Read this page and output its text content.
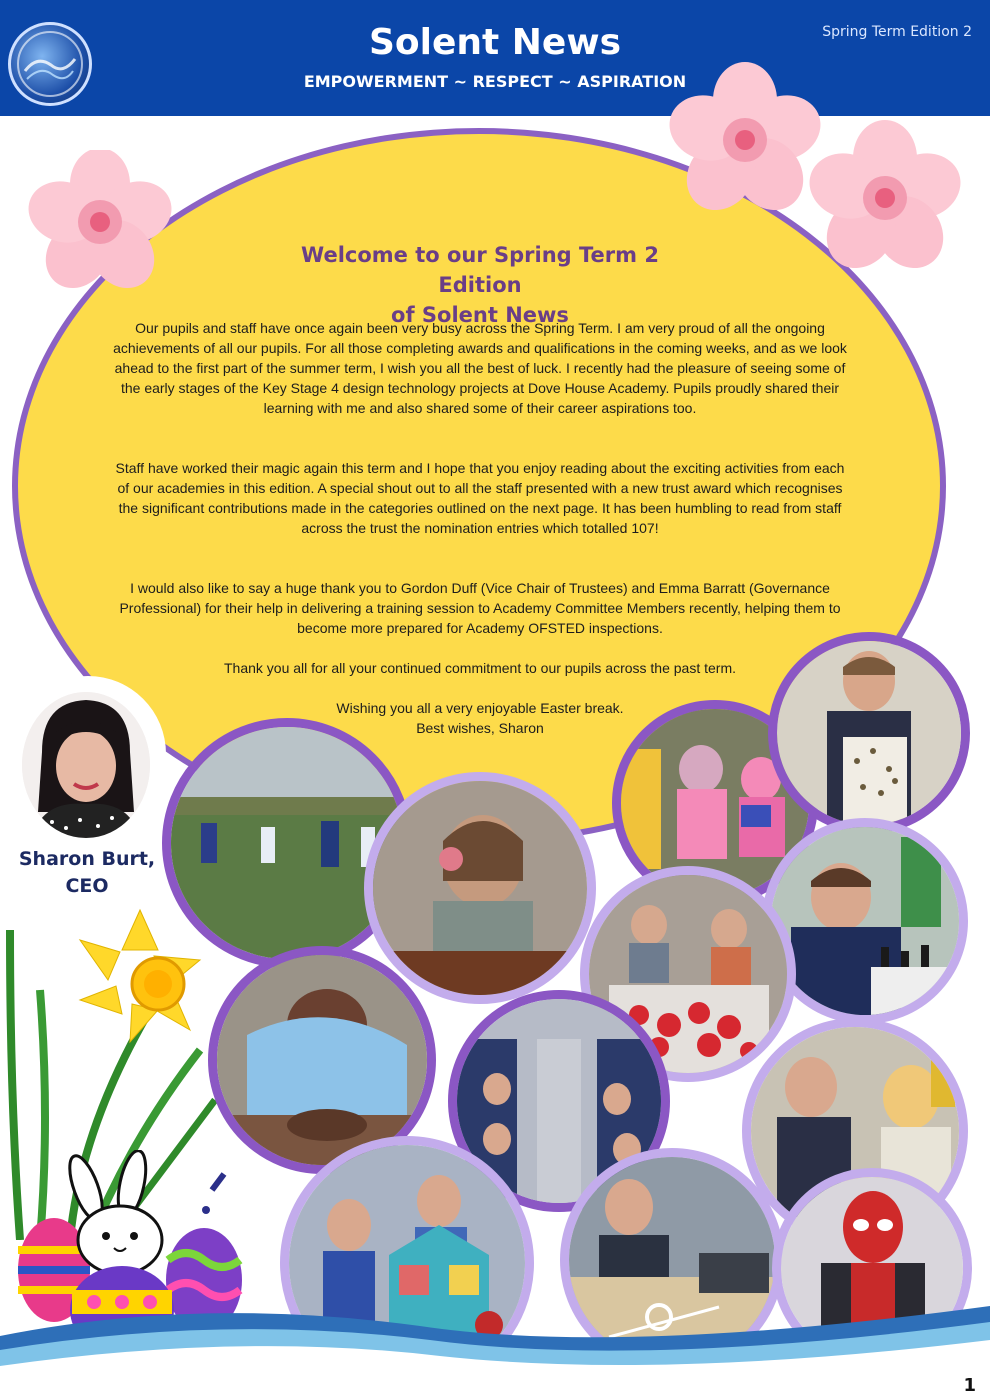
Solent News
EMPOWERMENT ~ RESPECT ~ ASPIRATION
Spring Term Edition 2
Welcome to our Spring Term 2 Edition
of Solent News
Our pupils and staff have once again been very busy across the Spring Term. I am very proud of all the ongoing achievements of all our pupils. For all those completing awards and qualifications in the coming weeks, and as we look ahead to the first part of the summer term, I wish you all the best of luck. I recently had the pleasure of seeing some of the early stages of the Key Stage 4 design technology projects at Dove House Academy. Pupils proudly shared their learning with me and also shared some of their career aspirations too.
Staff have worked their magic again this term and I hope that you enjoy reading about the exciting activities from each of our academies in this edition. A special shout out to all the staff presented with a new trust award which recognises the significant contributions made in the categories outlined on the next page. It has been humbling to read from staff across the trust the nomination entries which totalled 107!
I would also like to say a huge thank you to Gordon Duff (Vice Chair of Trustees) and Emma Barratt (Governance Professional) for their help in delivering a training session to Academy Committee Members recently, helping them to become more prepared for Academy OFSTED inspections.
Thank you all for all your continued commitment to our pupils across the past term.
Wishing you all a very enjoyable Easter break.
Best wishes, Sharon
Sharon Burt,
CEO
1
